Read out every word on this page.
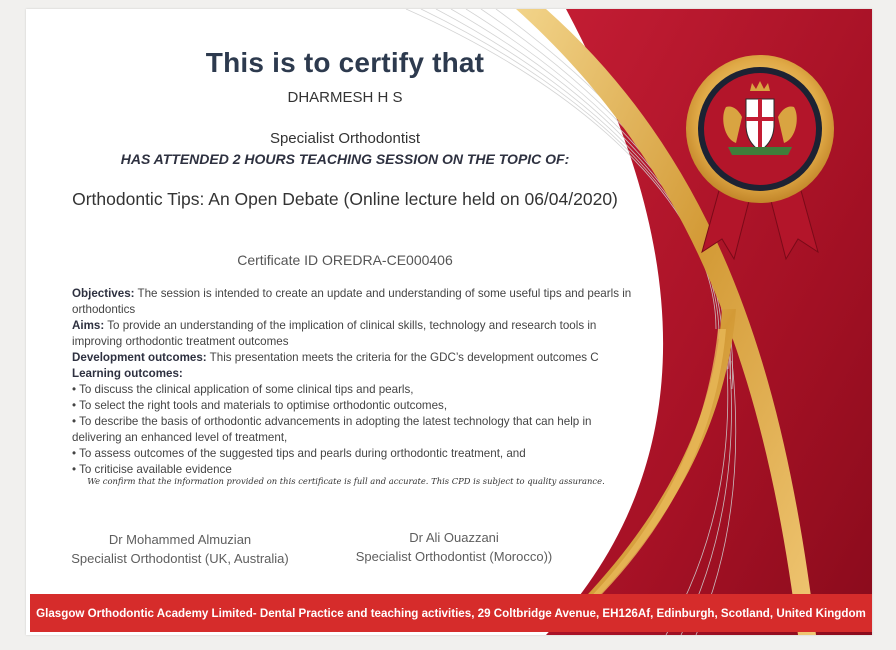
This is to certify that
DHARMESH H S
Specialist Orthodontist
HAS ATTENDED 2 HOURS TEACHING SESSION ON THE TOPIC OF:
Orthodontic Tips: An Open Debate (Online lecture held on 06/04/2020)
Certificate ID OREDRA-CE000406

Objectives: The session is intended to create an update and understanding of some useful tips and pearls in orthodontics

Aims: To provide an understanding of the implication of clinical skills, technology and research tools in improving orthodontic treatment outcomes

Development outcomes: This presentation meets the criteria for the GDC’s development outcomes C

Learning outcomes:

• To discuss the clinical application of some clinical tips and pearls,

• To select the right tools and materials to optimise orthodontic outcomes,

• To describe the basis of orthodontic advancements in adopting the latest technology that can help in delivering an enhanced level of treatment,

• To assess outcomes of the suggested tips and pearls during orthodontic treatment, and

• To criticise available evidence

We confirm that the information provided on this certificate is full and accurate. This CPD is subject to quality assurance.
Dr Mohammed Almuzian
Specialist Orthodontist (UK, Australia)
Dr Ali Ouazzani
Specialist Orthodontist (Morocco))
Glasgow Orthodontic Academy Limited- Dental Practice and teaching activities, 29 Coltbridge Avenue, EH126Af, Edinburgh, Scotland, United Kingdom
